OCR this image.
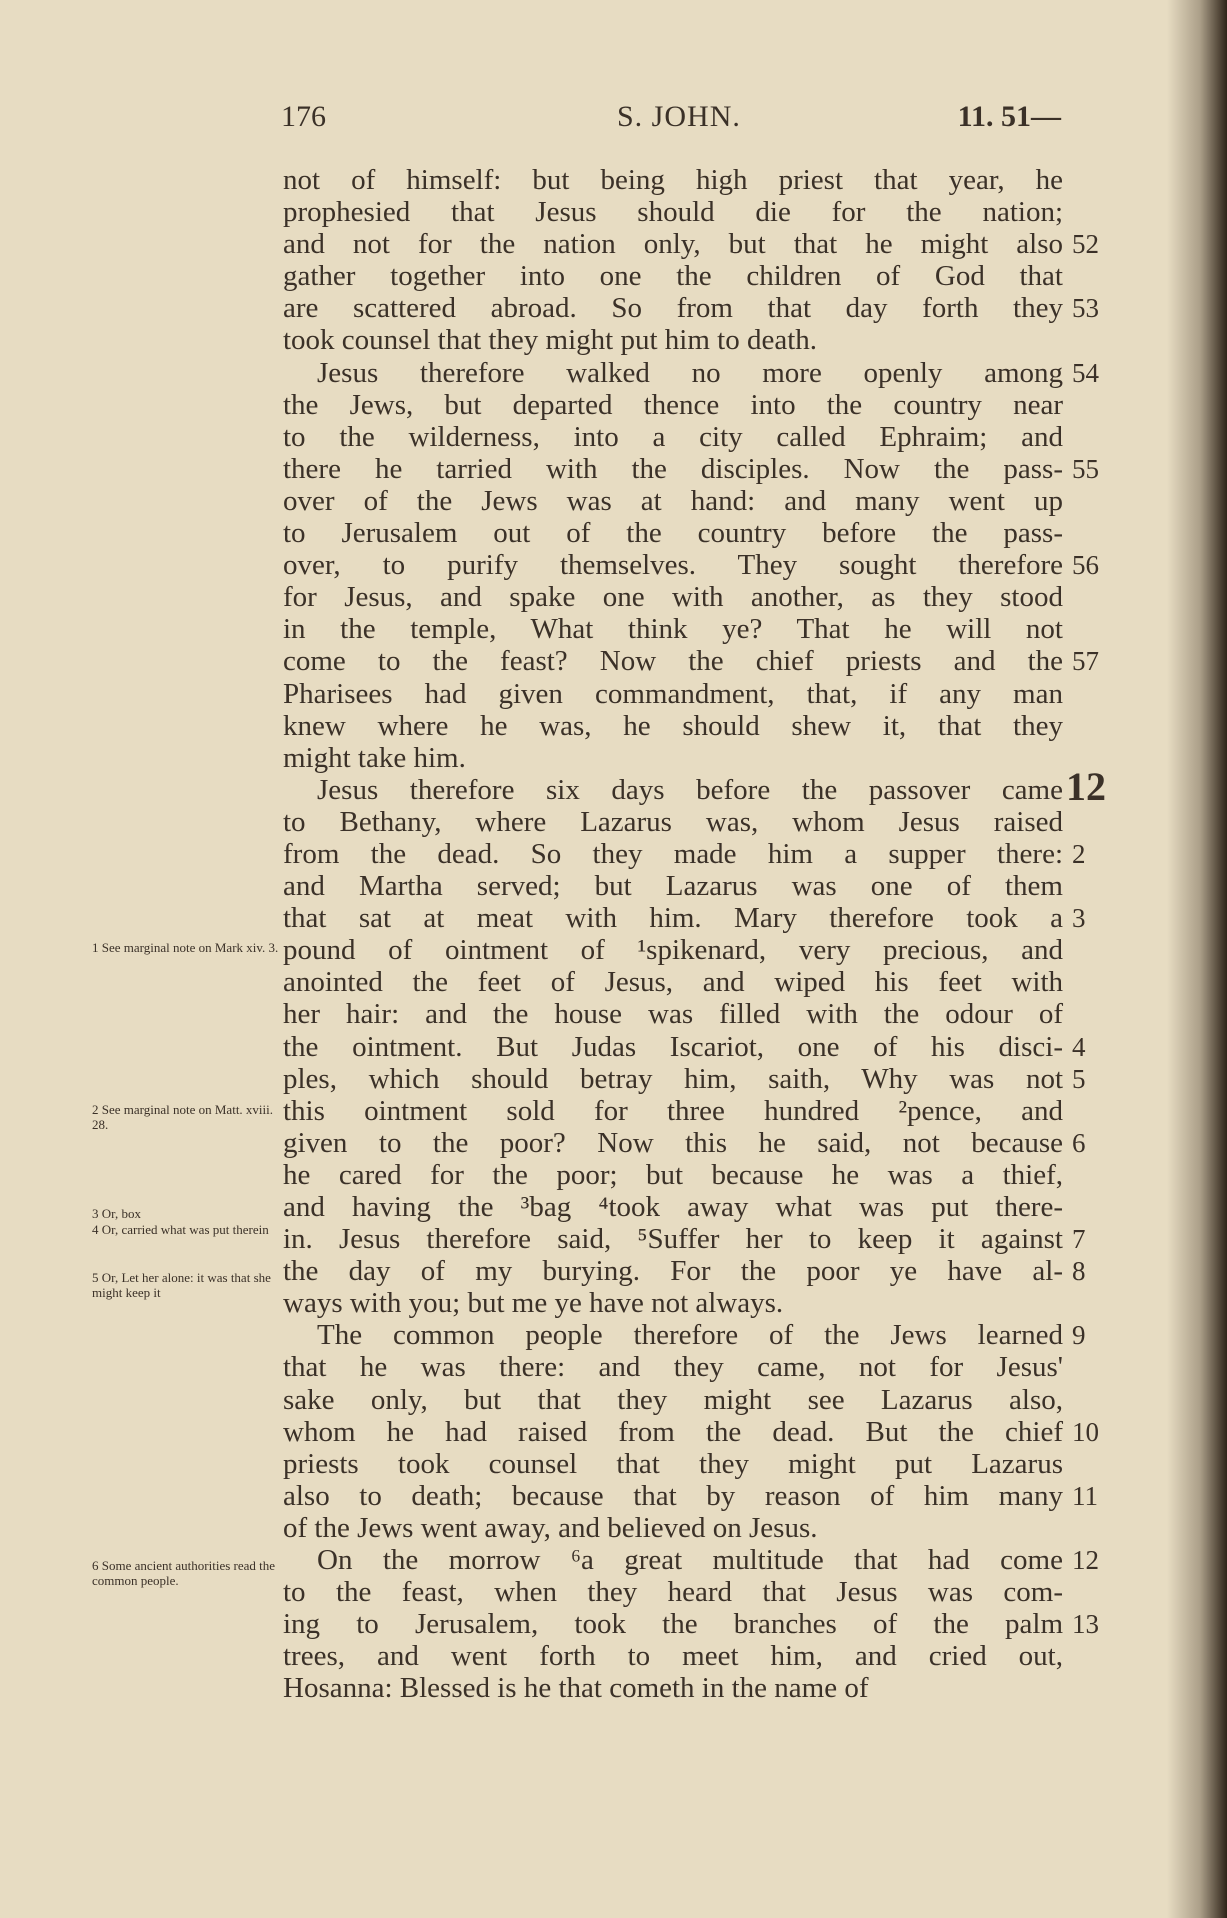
176	S. JOHN.	11. 51—
not of himself: but being high priest that year, he
prophesied that Jesus should die for the nation;
and not for the nation only, but that he might also 52
gather together into one the children of God that
are scattered abroad. So from that day forth they 53
took counsel that they might put him to death.
Jesus therefore walked no more openly among 54
the Jews, but departed thence into the country near
to the wilderness, into a city called Ephraim; and
there he tarried with the disciples. Now the pass- 55
over of the Jews was at hand: and many went up
to Jerusalem out of the country before the pass-
over, to purify themselves. They sought therefore 56
for Jesus, and spake one with another, as they stood
in the temple, What think ye? That he will not
come to the feast? Now the chief priests and the 57
Pharisees had given commandment, that, if any man
knew where he was, he should shew it, that they
might take him.
Jesus therefore six days before the passover came 12
to Bethany, where Lazarus was, whom Jesus raised
from the dead. So they made him a supper there: 2
and Martha served; but Lazarus was one of them
that sat at meat with him. Mary therefore took a 3
pound of ointment of ¹spikenard, very precious, and
anointed the feet of Jesus, and wiped his feet with
her hair: and the house was filled with the odour of
the ointment. But Judas Iscariot, one of his disci- 4
ples, which should betray him, saith, Why was not 5
this ointment sold for three hundred ²pence, and
given to the poor? Now this he said, not because 6
he cared for the poor; but because he was a thief,
and having the ³bag ⁴took away what was put there-
in. Jesus therefore said, ⁵Suffer her to keep it against 7
the day of my burying. For the poor ye have al- 8
ways with you; but me ye have not always.
The common people therefore of the Jews learned 9
that he was there: and they came, not for Jesus'
sake only, but that they might see Lazarus also,
whom he had raised from the dead. But the chief 10
priests took counsel that they might put Lazarus
also to death; because that by reason of him many 11
of the Jews went away, and believed on Jesus.
On the morrow ⁶a great multitude that had come 12
to the feast, when they heard that Jesus was com-
ing to Jerusalem, took the branches of the palm 13
trees, and went forth to meet him, and cried out,
Hosanna: Blessed is he that cometh in the name of
1 See marginal note on Mark xiv. 3.
2 See marginal note on Matt. xviii. 28.
3 Or, box
4 Or, carried what was put therein
5 Or, Let her alone: it was that she might keep it
6 Some ancient authorities read the common people.
